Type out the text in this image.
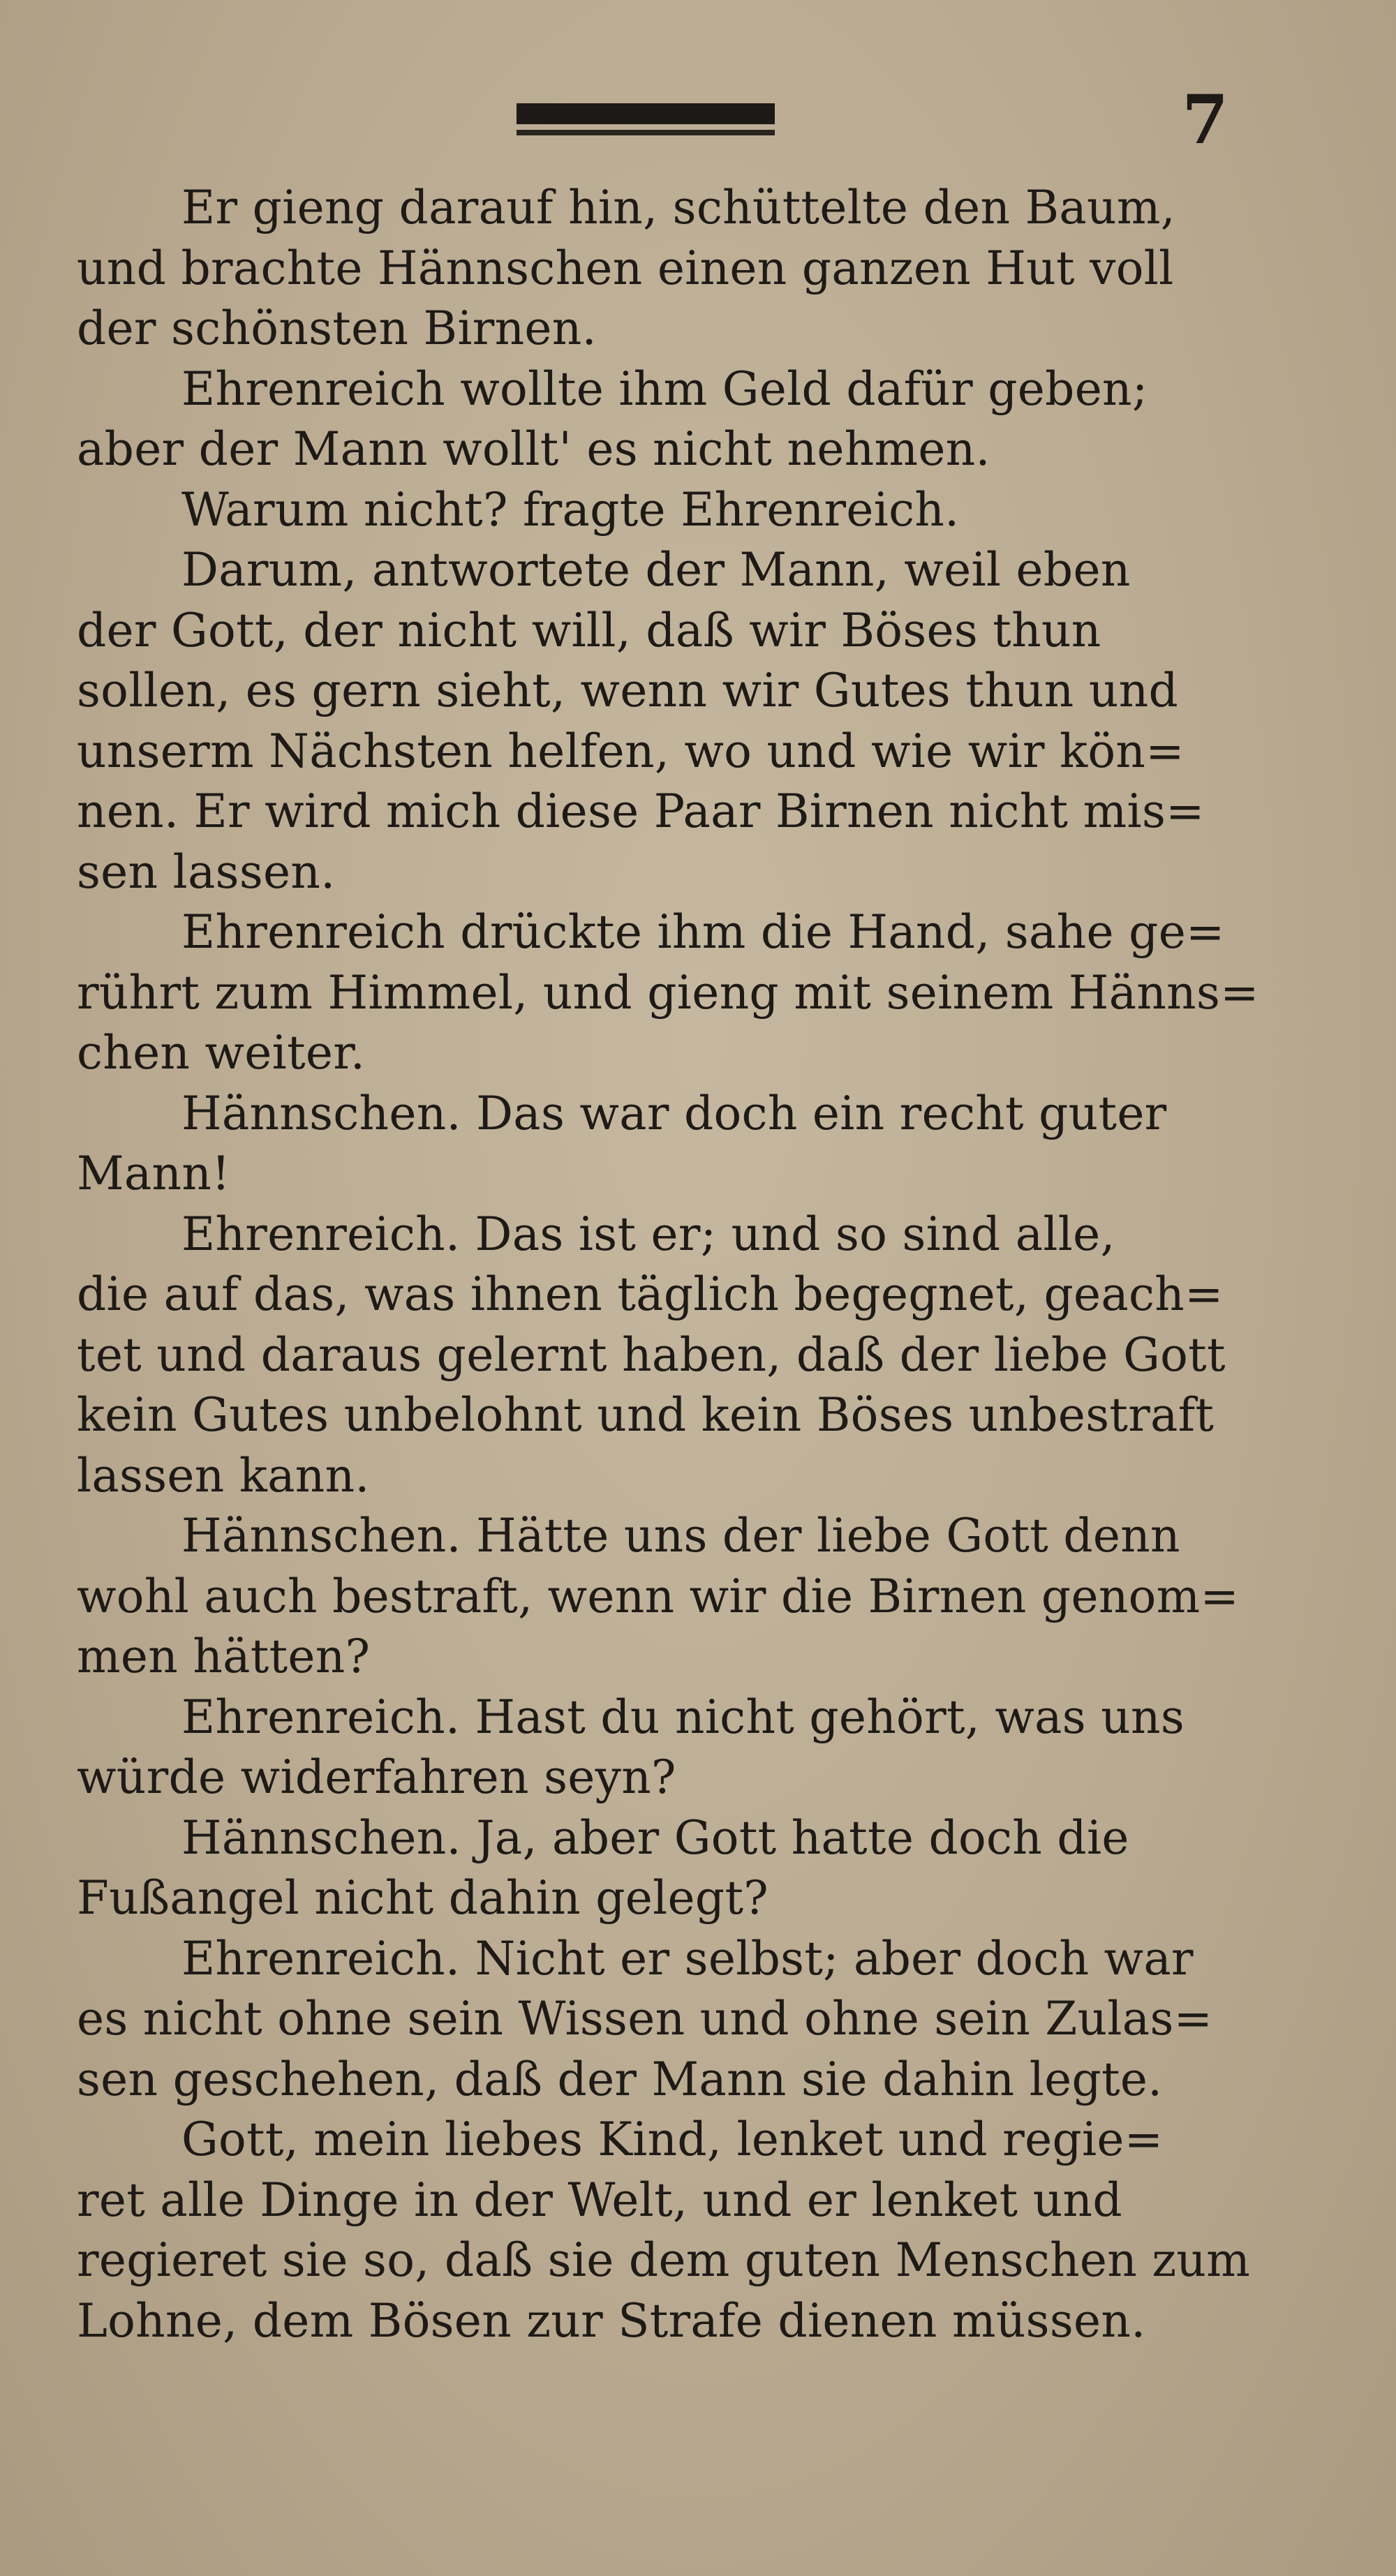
7
Er gieng darauf hin, schüttelte den Baum,
und brachte Hännschen einen ganzen Hut voll
der schönsten Birnen.
Ehrenreich wollte ihm Geld dafür geben;
aber der Mann wollt' es nicht nehmen.
Warum nicht? fragte Ehrenreich.
Darum, antwortete der Mann, weil eben
der Gott, der nicht will, daß wir Böses thun
sollen, es gern sieht, wenn wir Gutes thun und
unserm Nächsten helfen, wo und wie wir kön=
nen. Er wird mich diese Paar Birnen nicht mis=
sen lassen.
Ehrenreich drückte ihm die Hand, sahe ge=
rührt zum Himmel, und gieng mit seinem Hänns=
chen weiter.
Hännschen. Das war doch ein recht guter
Mann!
Ehrenreich. Das ist er; und so sind alle,
die auf das, was ihnen täglich begegnet, geach=
tet und daraus gelernt haben, daß der liebe Gott
kein Gutes unbelohnt und kein Böses unbestraft
lassen kann.
Hännschen. Hätte uns der liebe Gott denn
wohl auch bestraft, wenn wir die Birnen genom=
men hätten?
Ehrenreich. Hast du nicht gehört, was uns
würde widerfahren seyn?
Hännschen. Ja, aber Gott hatte doch die
Fußangel nicht dahin gelegt?
Ehrenreich. Nicht er selbst; aber doch war
es nicht ohne sein Wissen und ohne sein Zulas=
sen geschehen, daß der Mann sie dahin legte.
Gott, mein liebes Kind, lenket und regie=
ret alle Dinge in der Welt, und er lenket und
regieret sie so, daß sie dem guten Menschen zum
Lohne, dem Bösen zur Strafe dienen müssen.
